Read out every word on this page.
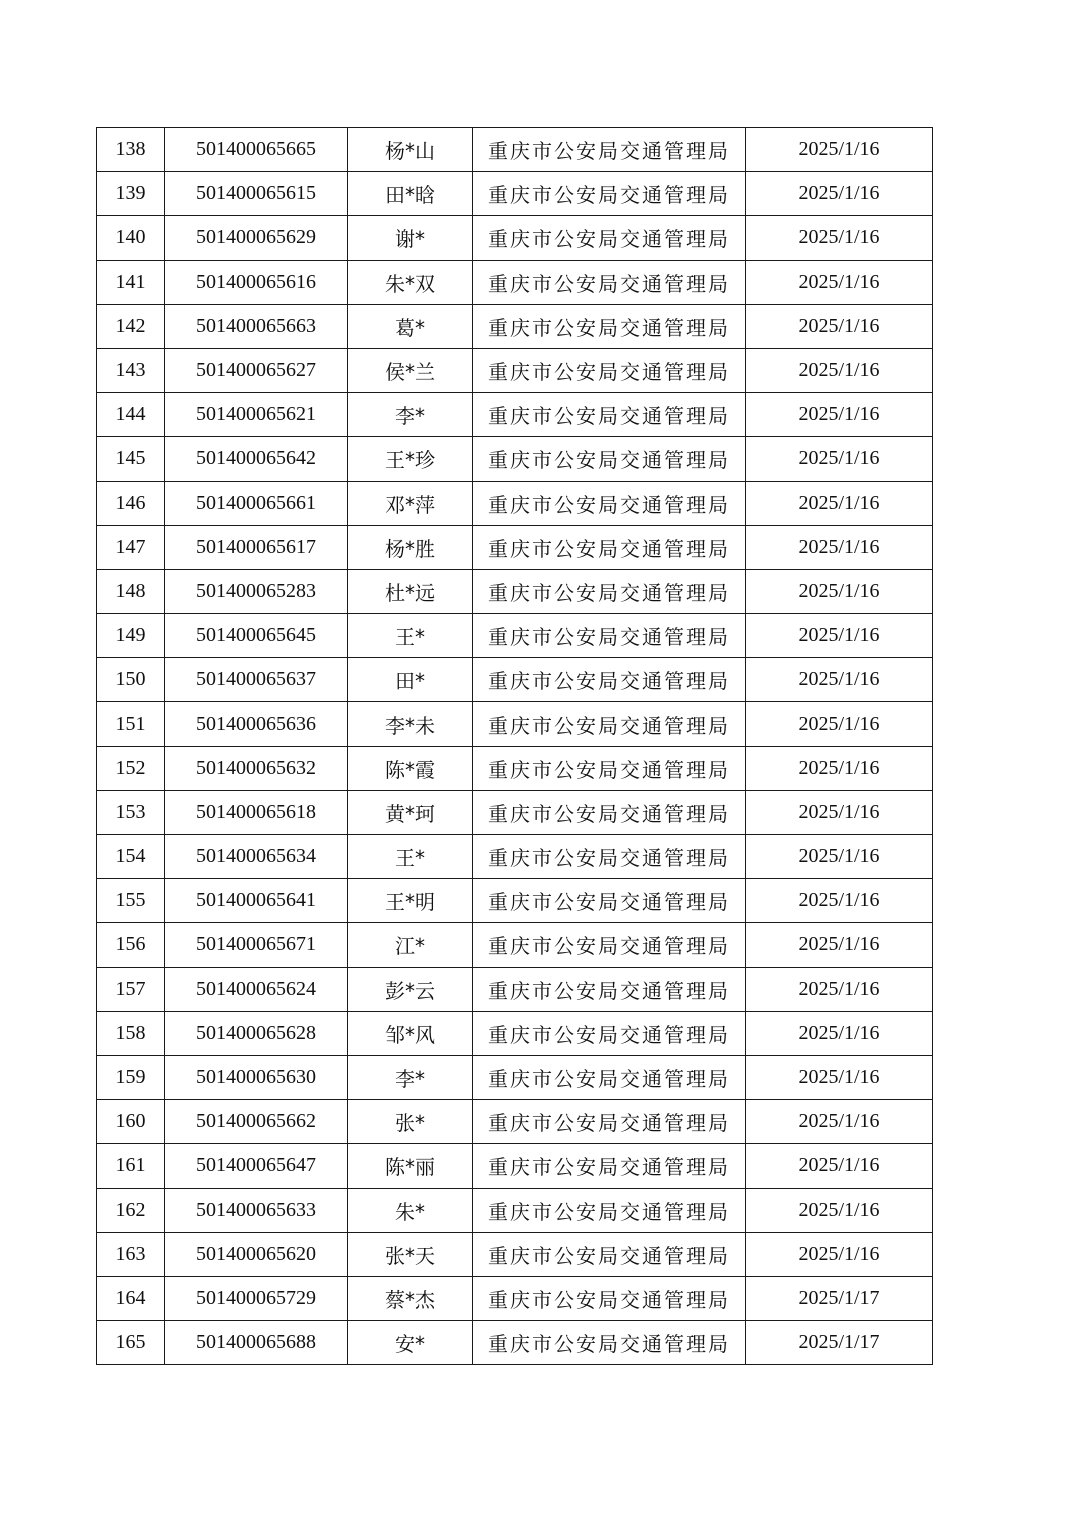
138	501400065665	杨*山	重庆市公安局交通管理局	2025/1/16
139	501400065615	田*晗	重庆市公安局交通管理局	2025/1/16
140	501400065629	谢*	重庆市公安局交通管理局	2025/1/16
141	501400065616	朱*双	重庆市公安局交通管理局	2025/1/16
142	501400065663	葛*	重庆市公安局交通管理局	2025/1/16
143	501400065627	侯*兰	重庆市公安局交通管理局	2025/1/16
144	501400065621	李*	重庆市公安局交通管理局	2025/1/16
145	501400065642	王*珍	重庆市公安局交通管理局	2025/1/16
146	501400065661	邓*萍	重庆市公安局交通管理局	2025/1/16
147	501400065617	杨*胜	重庆市公安局交通管理局	2025/1/16
148	501400065283	杜*远	重庆市公安局交通管理局	2025/1/16
149	501400065645	王*	重庆市公安局交通管理局	2025/1/16
150	501400065637	田*	重庆市公安局交通管理局	2025/1/16
151	501400065636	李*未	重庆市公安局交通管理局	2025/1/16
152	501400065632	陈*霞	重庆市公安局交通管理局	2025/1/16
153	501400065618	黄*珂	重庆市公安局交通管理局	2025/1/16
154	501400065634	王*	重庆市公安局交通管理局	2025/1/16
155	501400065641	王*明	重庆市公安局交通管理局	2025/1/16
156	501400065671	江*	重庆市公安局交通管理局	2025/1/16
157	501400065624	彭*云	重庆市公安局交通管理局	2025/1/16
158	501400065628	邹*风	重庆市公安局交通管理局	2025/1/16
159	501400065630	李*	重庆市公安局交通管理局	2025/1/16
160	501400065662	张*	重庆市公安局交通管理局	2025/1/16
161	501400065647	陈*丽	重庆市公安局交通管理局	2025/1/16
162	501400065633	朱*	重庆市公安局交通管理局	2025/1/16
163	501400065620	张*天	重庆市公安局交通管理局	2025/1/16
164	501400065729	蔡*杰	重庆市公安局交通管理局	2025/1/17
165	501400065688	安*	重庆市公安局交通管理局	2025/1/17
